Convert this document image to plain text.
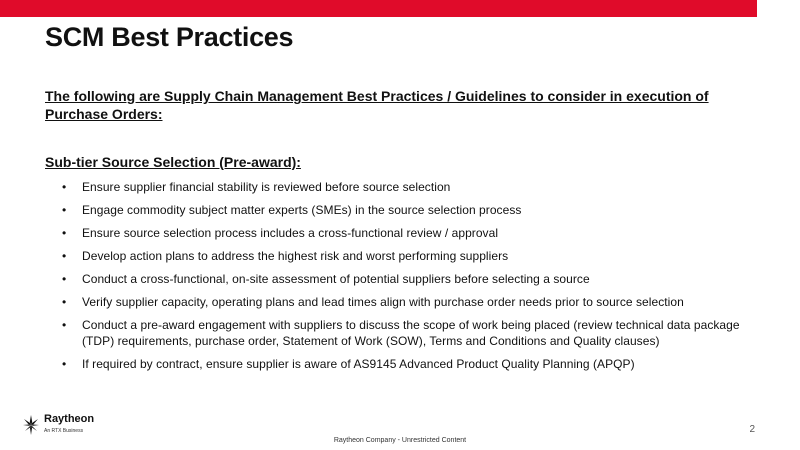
SCM Best Practices

The following are Supply Chain Management Best Practices / Guidelines to consider in execution of Purchase Orders:

Sub-tier Source Selection (Pre-award):

• Ensure supplier financial stability is reviewed before source selection
• Engage commodity subject matter experts (SMEs) in the source selection process
• Ensure source selection process includes a cross-functional review / approval
• Develop action plans to address the highest risk and worst performing suppliers
• Conduct a cross-functional, on-site assessment of potential suppliers before selecting a source
• Verify supplier capacity, operating plans and lead times align with purchase order needs prior to source selection
• Conduct a pre-award engagement with suppliers to discuss the scope of work being placed (review technical data package (TDP) requirements, purchase order, Statement of Work (SOW), Terms and Conditions and Quality clauses)
• If required by contract, ensure supplier is aware of AS9145 Advanced Product Quality Planning (APQP)
Raytheon
An RTX Business	2
Raytheon Company - Unrestricted Content
